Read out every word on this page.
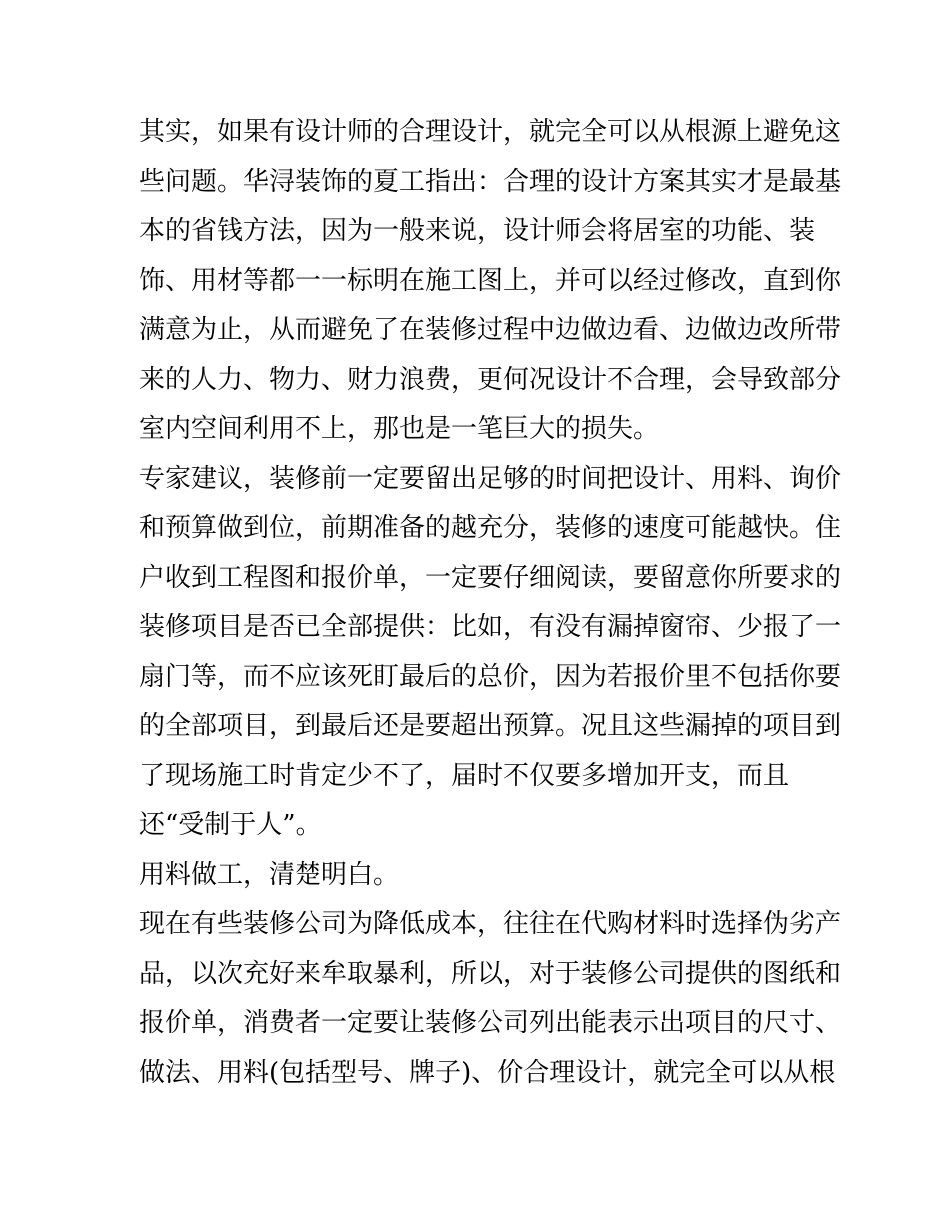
其实，如果有设计师的合理设计，就完全可以从根源上避免这
些问题。华浔装饰的夏工指出：合理的设计方案其实才是最基
本的省钱方法，因为一般来说，设计师会将居室的功能、装
饰、用材等都一一标明在施工图上，并可以经过修改，直到你
满意为止，从而避免了在装修过程中边做边看、边做边改所带
来的人力、物力、财力浪费，更何况设计不合理，会导致部分
室内空间利用不上，那也是一笔巨大的损失。
专家建议，装修前一定要留出足够的时间把设计、用料、询价
和预算做到位，前期准备的越充分，装修的速度可能越快。住
户收到工程图和报价单，一定要仔细阅读，要留意你所要求的
装修项目是否已全部提供：比如，有没有漏掉窗帘、少报了一
扇门等，而不应该死盯最后的总价，因为若报价里不包括你要
的全部项目，到最后还是要超出预算。况且这些漏掉的项目到
了现场施工时肯定少不了，届时不仅要多增加开支，而且
还“受制于人”。
用料做工，清楚明白。
现在有些装修公司为降低成本，往往在代购材料时选择伪劣产
品，以次充好来牟取暴利，所以，对于装修公司提供的图纸和
报价单，消费者一定要让装修公司列出能表示出项目的尺寸、
做法、用料(包括型号、牌子)、价合理设计，就完全可以从根
